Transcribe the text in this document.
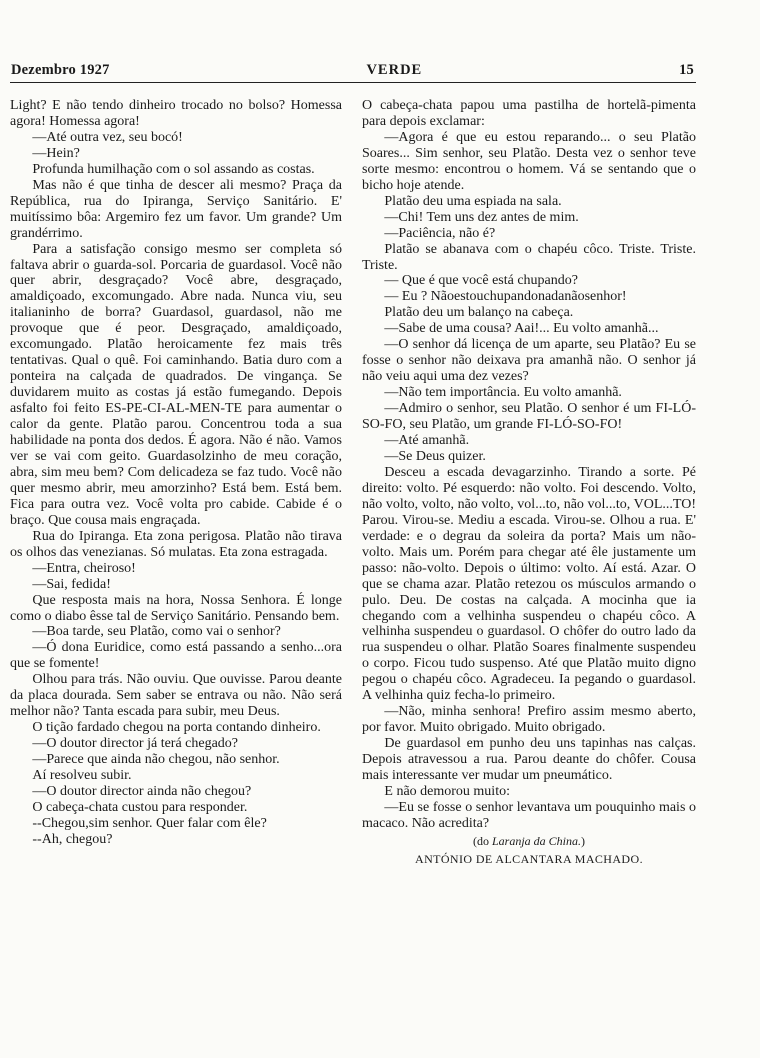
Dezembro 1927	VERDE	15

Light? E não tendo dinheiro trocado no bolso? Homessa agora! Homessa agora!

—Até outra vez, seu bocó!

—Hein?

Profunda humilhação com o sol assando as costas.

Mas não é que tinha de descer ali mesmo? Praça da República, rua do Ipiranga, Serviço Sanitário. E' muitíssimo bôa: Argemiro fez um favor. Um grande? Um grandérrimo.

Para a satisfação consigo mesmo ser completa só faltava abrir o guarda-sol. Porcaria de guardasol. Você não quer abrir, desgraçado? Você abre, desgraçado, amaldiçoado, excomungado. Abre nada. Nunca viu, seu italianinho de borra? Guardasol, guardasol, não me provoque que é peor. Desgraçado, amaldiçoado, excomungado. Platão heroicamente fez mais três tentativas. Qual o quê. Foi caminhando. Batia duro com a ponteira na calçada de quadrados. De vingança. Se duvidarem muito as costas já estão fumegando. Depois asfalto foi feito ES-PE-CI-AL-MEN-TE para aumentar o calor da gente. Platão parou. Concentrou toda a sua habilidade na ponta dos dedos. É agora. Não é não. Vamos ver se vai com geito. Guardasolzinho de meu coração, abra, sim meu bem? Com delicadeza se faz tudo. Você não quer mesmo abrir, meu amorzinho? Está bem. Está bem. Fica para outra vez. Você volta pro cabide. Cabide é o braço. Que cousa mais engraçada.

Rua do Ipiranga. Eta zona perigosa. Platão não tirava os olhos das venezianas. Só mulatas. Eta zona estragada.

—Entra, cheiroso!

—Sai, fedida!

Que resposta mais na hora, Nossa Senhora. É longe como o diabo êsse tal de Serviço Sanitário. Pensando bem.

—Boa tarde, seu Platão, como vai o senhor?

—Ó dona Euridice, como está passando a senho...ora que se fomente!

Olhou para trás. Não ouviu. Que ouvisse. Parou deante da placa dourada. Sem saber se entrava ou não. Não será melhor não? Tanta escada para subir, meu Deus.

O tição fardado chegou na porta contando dinheiro.

—O doutor director já terá chegado?

—Parece que ainda não chegou, não senhor.

Aí resolveu subir.

—O doutor director ainda não chegou?

O cabeça-chata custou para responder.

--Chegou,sim senhor. Quer falar com êle?

--Ah, chegou?

O cabeça-chata papou uma pastilha de hortelã-pimenta para depois exclamar:

—Agora é que eu estou reparando... o seu Platão Soares... Sim senhor, seu Platão. Desta vez o senhor teve sorte mesmo: encontrou o homem. Vá se sentando que o bicho hoje atende.

Platão deu uma espiada na sala.

—Chi! Tem uns dez antes de mim.

—Paciência, não é?

Platão se abanava com o chapéu côco. Triste. Triste. Triste.

— Que é que você está chupando?

— Eu ? Nãoestouchupandonadanãosenhor!

Platão deu um balanço na cabeça.

—Sabe de uma cousa? Aai!... Eu volto amanhã...

—O senhor dá licença de um aparte, seu Platão? Eu se fosse o senhor não deixava pra amanhã não. O senhor já não veiu aqui uma dez vezes?

—Não tem importância. Eu volto amanhã.

—Admiro o senhor, seu Platão. O senhor é um FI-LÓ-SO-FO, seu Platão, um grande FI-LÓ-SO-FO!

—Até amanhã.

—Se Deus quizer.

Desceu a escada devagarzinho. Tirando a sorte. Pé direito: volto. Pé esquerdo: não volto. Foi descendo. Volto, não volto, volto, não volto, vol...to, não vol...to, VOL...TO! Parou. Virou-se. Mediu a escada. Virou-se. Olhou a rua. E' verdade: e o degrau da soleira da porta? Mais um não-volto. Mais um. Porém para chegar até êle justamente um passo: não-volto. Depois o último: volto. Aí está. Azar. O que se chama azar. Platão retezou os músculos armando o pulo. Deu. De costas na calçada. A mocinha que ia chegando com a velhinha suspendeu o chapéu côco. A velhinha suspendeu o guardasol. O chôfer do outro lado da rua suspendeu o olhar. Platão Soares finalmente suspendeu o corpo. Ficou tudo suspenso. Até que Platão muito digno pegou o chapéu côco. Agradeceu. Ia pegando o guardasol. A velhinha quiz fecha-lo primeiro.

—Não, minha senhora! Prefiro assim mesmo aberto, por favor. Muito obrigado. Muito obrigado.

De guardasol em punho deu uns tapinhas nas calças. Depois atravessou a rua. Parou deante do chôfer. Cousa mais interessante ver mudar um pneumático.

E não demorou muito:

—Eu se fosse o senhor levantava um pouquinho mais o macaco. Não acredita?

(do Laranja da China.)

ANTÓNIO DE ALCANTARA MACHADO.
